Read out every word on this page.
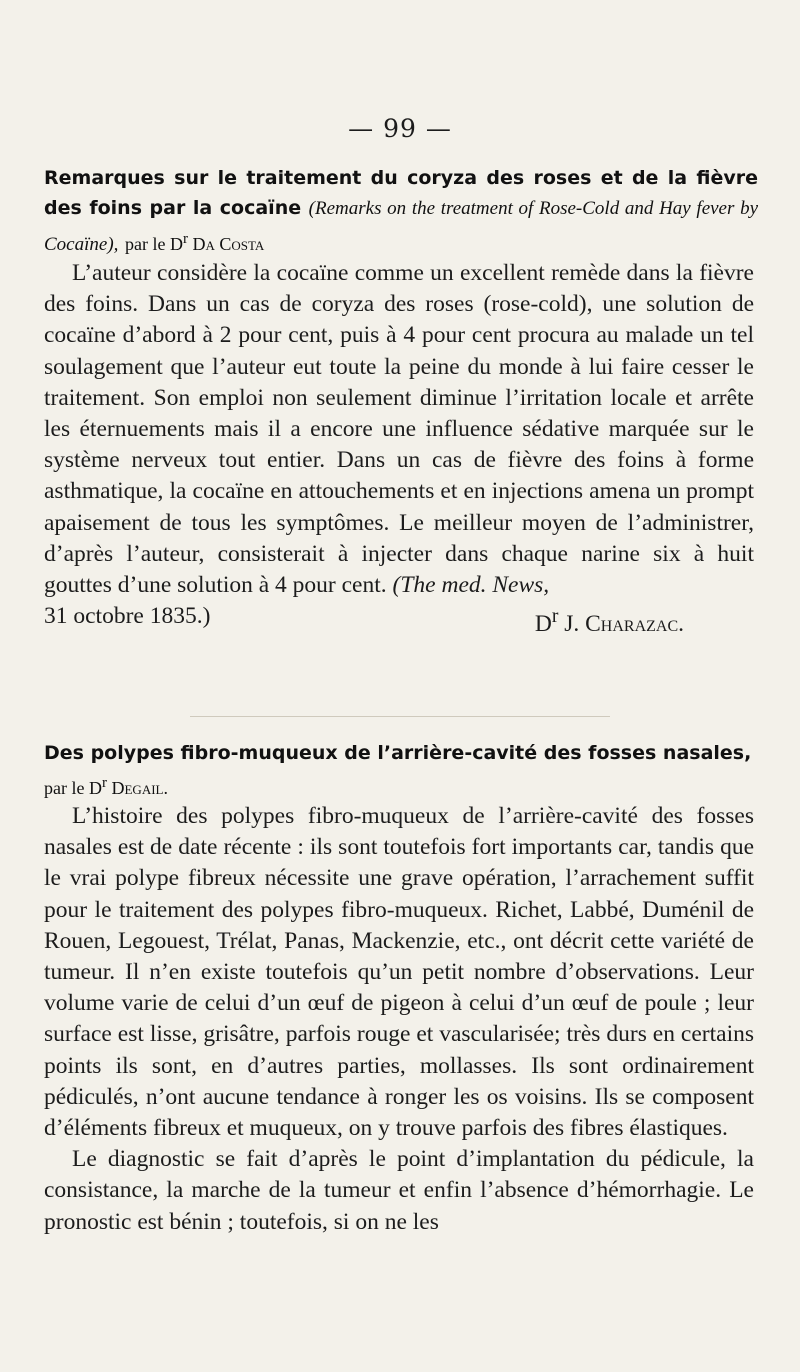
— 99 —
Remarques sur le traitement du coryza des roses et de la fièvre des foins par la cocaïne (Remarks on the treatment of Rose-Cold and Hay fever by Cocaïne), par le $D^r$ Da Costa

L’auteur considère la cocaïne comme un excellent remède dans la fièvre des foins. Dans un cas de coryza des roses (rose-cold), une solution de cocaïne d’abord à 2 pour cent, puis à 4 pour cent procura au malade un tel soulagement que l’auteur eut toute la peine du monde à lui faire cesser le traitement. Son emploi non seulement diminue l’irritation locale et arrête les éternuements mais il a encore une influence sédative marquée sur le système nerveux tout entier. Dans un cas de fièvre des foins à forme asthmatique, la cocaïne en attouchements et en injections amena un prompt apaisement de tous les symptômes. Le meilleur moyen de l’administrer, d’après l’auteur, consisterait à injecter dans chaque narine six à huit gouttes d’une solution à 4 pour cent. (The med. News,

31 octobre 1835.)	$D^r$ J. Charazac.
Des polypes fibro-muqueux de l’arrière-cavité des fosses nasales, par le $D^r$ Degail.

L’histoire des polypes fibro-muqueux de l’arrière-cavité des fosses nasales est de date récente : ils sont toutefois fort importants car, tandis que le vrai polype fibreux nécessite une grave opération, l’arrachement suffit pour le traitement des polypes fibro-muqueux. Richet, Labbé, Duménil de Rouen, Legouest, Trélat, Panas, Mackenzie, etc., ont décrit cette variété de tumeur. Il n’en existe toutefois qu’un petit nombre d’observations. Leur volume varie de celui d’un œuf de pigeon à celui d’un œuf de poule ; leur surface est lisse, grisâtre, parfois rouge et vascularisée; très durs en certains points ils sont, en d’autres parties, mollasses. Ils sont ordinairement pédiculés, n’ont aucune tendance à ronger les os voisins. Ils se composent d’éléments fibreux et muqueux, on y trouve parfois des fibres élastiques.

Le diagnostic se fait d’après le point d’implantation du pédicule, la consistance, la marche de la tumeur et enfin l’absence d’hémorrhagie. Le pronostic est bénin ; toutefois, si on ne les
